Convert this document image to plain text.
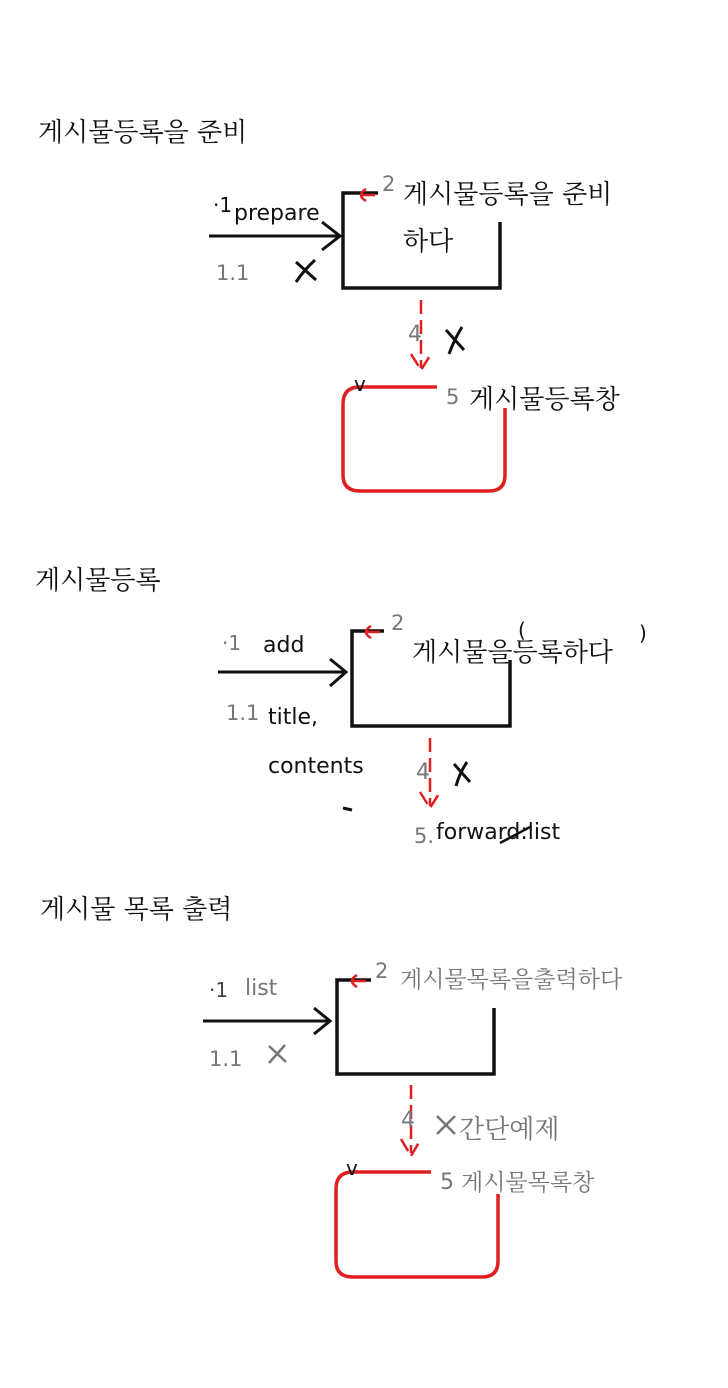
게시물등록을 준비
·1 prepare
1.1
2 게시물등록을 준비
하다
4
v
5 게시물등록창
게시물등록
·1 add
1.1 title,
contents
2
게시물을등록하다
(	)
4
5. forward:list
게시물 목록 출력
·1 list
1.1
2 게시물목록을출력하다
4 간단예제
v
5 게시물목록창
